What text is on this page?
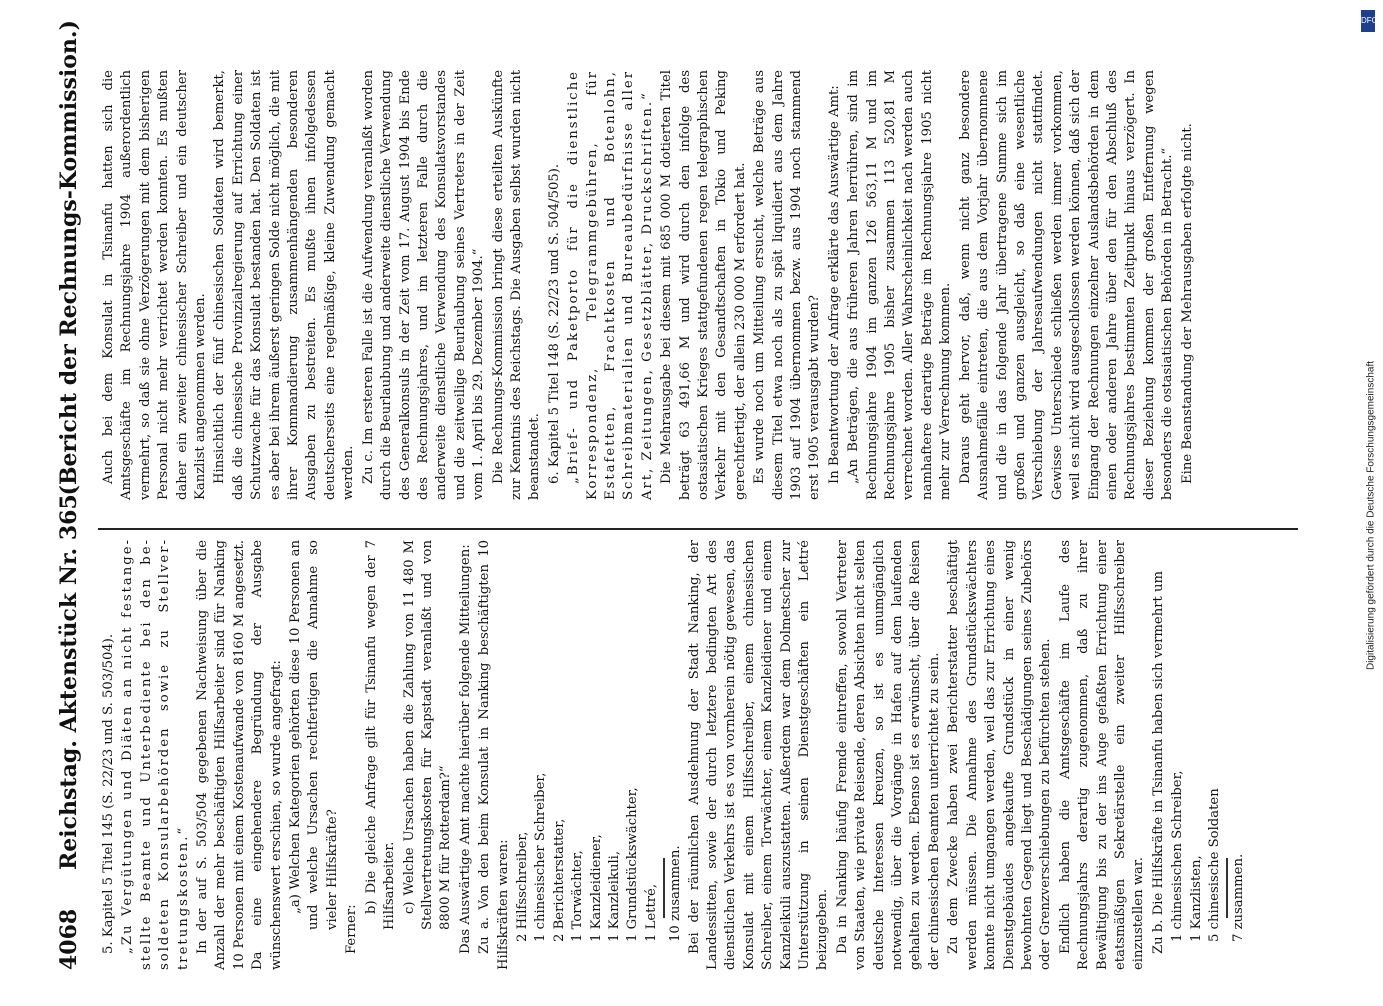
4068
Reichstag. Aktenstück Nr. 365.
(Bericht der Rechnungs-Kommission.)

5. Kapitel 5 Titel 145 (S. 22/23 und S. 503/504). „Zu Vergütungen und Diäten an nicht festangestellte Beamte und Unterbediente bei den besoldeten Konsularbehörden sowie zu Stellvertretungskosten.“ In der auf S. 503/504 gegebenen Nachweisung über die Anzahl der mehr beschäftigten Hilfsarbeiter sind für Nanking 10 Personen mit einem Kostenaufwande von 8160 M angesetzt. Da eine eingehendere Begründung der Ausgabe wünschenswert erschien, so wurde angefragt: „a) Welchen Kategorien gehörten diese 10 Personen an und welche Ursachen rechtfertigen die Annahme so vieler Hilfskräfte? Ferner:

b) Die gleiche Anfrage gilt für Tsinanfu wegen der 7 Hilfsarbeiter. c) Welche Ursachen haben die Zahlung von 11 480 M Stellvertretungskosten für Kapstadt veranlaßt und von 8800 M für Rotterdam?“ Das Auswärtige Amt machte hierüber folgende Mitteilungen: Zu a. Von den beim Konsulat in Nanking beschäftigten 10 Hilfskräften waren: 2 Hilfsschreiber, 1 chinesischer Schreiber, 2 Berichterstatter, 1 Torwächter, 1 Kanzleidiener, 1 Kanzleikuli, 1 Grundstückswächter, 1 Lettré, 10 zusammen. Bei der räumlichen Ausdehnung der Stadt Nanking, der Landessitten, sowie der durch letztere bedingten Art des dienstlichen Verkehrs ist es von vornherein nötig gewesen, das Konsulat mit einem Hilfsschreiber, einem chinesischen Schreiber, einem Torwächter, einem Kanzleidiener und einem Kanzleikuli auszustatten. Außerdem war dem Dolmetscher zur Unterstützung in seinen Dienstgeschäften ein Lettré beizugeben. Da in Nanking häufig Fremde eintreffen, sowohl Vertreter von Staaten, wie private Reisende, deren Absichten nicht selten deutsche Interessen kreuzen, so ist es unumgänglich notwendig, über die Vorgänge in Hafen auf dem laufenden gehalten zu werden. Ebenso ist es erwünscht, über die Reisen der chinesischen Beamten unterrichtet zu sein. Zu dem Zwecke haben zwei Berichterstatter beschäftigt werden müssen. Die Annahme des Grundstückswächters konnte nicht umgangen werden, weil das zur Errichtung eines Dienstgebäudes angekaufte Grundstück in einer wenig bewohnten Gegend liegt und Beschädigungen seines Zubehörs oder Grenzverschiebungen zu befürchten stehen. Endlich haben die Amtsgeschäfte im Laufe des Rechnungsjahrs derartig zugenommen, daß zu ihrer Bewältigung bis zu der ins Auge gefaßten Errichtung einer etatsmäßigen Sekretärstelle ein zweiter Hilfsschreiber einzustellen war. Zu b. Die Hilfskräfte in Tsinanfu haben sich vermehrt um 1 chinesischen Schreiber, 1 Kanzlisten, 5 chinesische Soldaten 7 zusammen.

Auch bei dem Konsulat in Tsinanfu hatten sich die Amtsgeschäfte im Rechnungsjahre 1904 außerordentlich vermehrt, so daß sie ohne Verzögerungen mit dem bisherigen Personal nicht mehr verrichtet werden konnten. Es mußten daher ein zweiter chinesischer Schreiber und ein deutscher Kanzlist angenommen werden. Hinsichtlich der fünf chinesischen Soldaten wird bemerkt, daß die chinesische Provinzialregierung auf Errichtung einer Schutzwache für das Konsulat bestanden hat. Den Soldaten ist es aber bei ihrem äußerst geringen Solde nicht möglich, die mit ihrer Kommandierung zusammenhängenden besonderen Ausgaben zu bestreiten. Es mußte ihnen infolgedessen deutscherseits eine regelmäßige, kleine Zuwendung gemacht werden. Zu c. Im ersteren Falle ist die Aufwendung veranlaßt worden durch die Beurlaubung und anderweite dienstliche Verwendung des Generalkonsuls in der Zeit vom 17. August 1904 bis Ende des Rechnungsjahres, und im letzteren Falle durch die anderweite dienstliche Verwendung des Konsulatsvorstandes und die zeitweilige Beurlaubung seines Vertreters in der Zeit vom 1. April bis 29. Dezember 1904.“ Die Rechnungs-Kommission bringt diese erteilten Auskünfte zur Kenntnis des Reichstags. Die Ausgaben selbst wurden nicht beanstandet. 6. Kapitel 5 Titel 148 (S. 22/23 und S. 504/505). „Brief- und Paketporto für die dienstliche Korrespondenz, Telegrammgebühren, für Estafetten, Frachtkosten und Botenlohn, Schreibmaterialien und Bureaubedürfnisse aller Art, Zeitungen, Gesetzblätter, Druckschriften.“ Die Mehrausgabe bei diesem mit 685 000 M dotierten Titel beträgt 63 491,66 M und wird durch den infolge des ostasiatischen Krieges stattgefundenen regen telegraphischen Verkehr mit den Gesandtschaften in Tokio und Peking gerechtfertigt, der allein 230 000 M erfordert hat. Es wurde noch um Mitteilung ersucht, welche Beträge aus diesem Titel etwa noch als zu spät liquidiert aus dem Jahre 1903 auf 1904 übernommen bezw. aus 1904 noch stammend erst 1905 verausgabt wurden? In Beantwortung der Anfrage erklärte das Auswärtige Amt: „An Beträgen, die aus früheren Jahren herrühren, sind im Rechnungsjahre 1904 im ganzen 126 563,11 M und im Rechnungsjahre 1905 bisher zusammen 113 520,81 M verrechnet worden. Aller Wahrscheinlichkeit nach werden auch namhaftere derartige Beträge im Rechnungsjahre 1905 nicht mehr zur Verrechnung kommen. Daraus geht hervor, daß, wenn nicht ganz besondere Ausnahmefälle eintreten, die aus dem Vorjahr übernommene und die in das folgende Jahr übertragene Summe sich im großen und ganzen ausgleicht, so daß eine wesentliche Verschiebung der Jahresaufwendungen nicht stattfindet. Gewisse Unterschiede schließen werden immer vorkommen, weil es nicht wird ausgeschlossen werden können, daß sich der Eingang der Rechnungen einzelner Auslandsbehörden in dem einen oder anderen Jahre über den für den Abschluß des Rechnungsjahres bestimmten Zeitpunkt hinaus verzögert. In dieser Beziehung kommen der großen Entfernung wegen besonders die ostasiatischen Behörden in Betracht.“ Eine Beanstandung der Mehrausgaben erfolgte nicht.

DFG
Digitalisierung gefördert durch die Deutsche Forschungsgemeinschaft
